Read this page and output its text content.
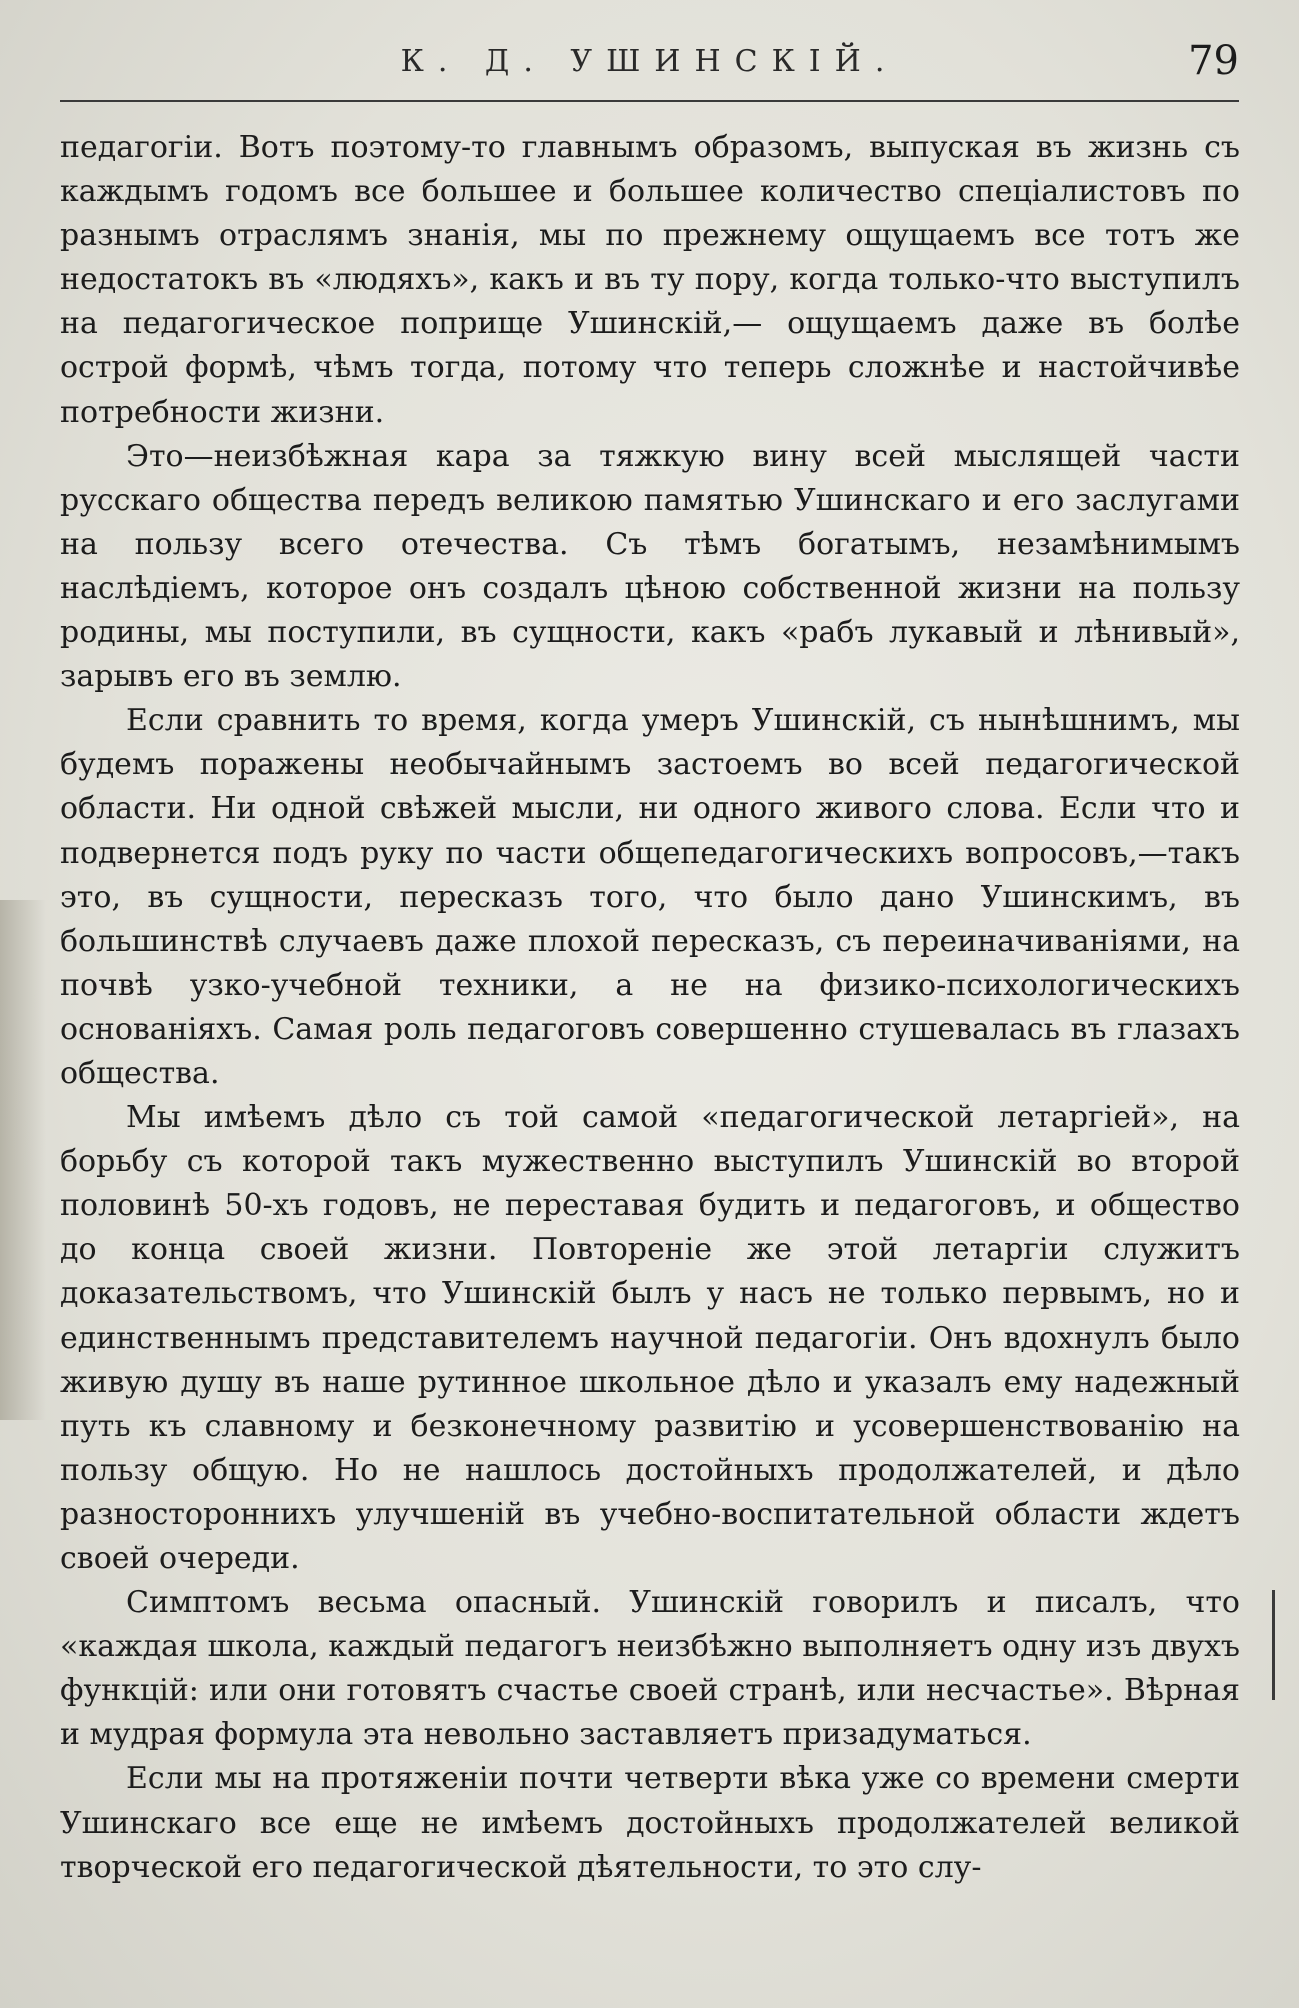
К. Д. УШИНСКІЙ.	79

педагогіи. Вотъ поэтому-то главнымъ образомъ, выпуская въ жизнь съ каждымъ годомъ все большее и большее количество спеціалистовъ по разнымъ отраслямъ знанія, мы по прежнему ощущаемъ все тотъ же недостатокъ въ «людяхъ», какъ и въ ту пору, когда только-что выступилъ на педагогическое поприще Ушинскій,— ощущаемъ даже въ болѣе острой формѣ, чѣмъ тогда, потому что теперь сложнѣе и настойчивѣе потребности жизни.

Это—неизбѣжная кара за тяжкую вину всей мыслящей части русскаго общества передъ великою памятью Ушинскаго и его заслугами на пользу всего отечества. Съ тѣмъ богатымъ, незамѣнимымъ наслѣдіемъ, которое онъ создалъ цѣною собственной жизни на пользу родины, мы поступили, въ сущности, какъ «рабъ лукавый и лѣнивый», зарывъ его въ землю.

Если сравнить то время, когда умеръ Ушинскій, съ нынѣшнимъ, мы будемъ поражены необычайнымъ застоемъ во всей педагогической области. Ни одной свѣжей мысли, ни одного живого слова. Если что и подвернется подъ руку по части общепедагогическихъ вопросовъ,—такъ это, въ сущности, пересказъ того, что было дано Ушинскимъ, въ большинствѣ случаевъ даже плохой пересказъ, съ переиначиваніями, на почвѣ узко-учебной техники, а не на физико-психологическихъ основаніяхъ. Самая роль педагоговъ совершенно стушевалась въ глазахъ общества.

Мы имѣемъ дѣло съ той самой «педагогической летаргіей», на борьбу съ которой такъ мужественно выступилъ Ушинскій во второй половинѣ 50-хъ годовъ, не переставая будить и педагоговъ, и общество до конца своей жизни. Повтореніе же этой летаргіи служитъ доказательствомъ, что Ушинскій былъ у насъ не только первымъ, но и единственнымъ представителемъ научной педагогіи. Онъ вдохнулъ было живую душу въ наше рутинное школьное дѣло и указалъ ему надежный путь къ славному и безконечному развитію и усовершенствованію на пользу общую. Но не нашлось достойныхъ продолжателей, и дѣло разностороннихъ улучшеній въ учебно-воспитательной области ждетъ своей очереди.

Симптомъ весьма опасный. Ушинскій говорилъ и писалъ, что «каждая школа, каждый педагогъ неизбѣжно выполняетъ одну изъ двухъ функцій: или они готовятъ счастье своей странѣ, или несчастье». Вѣрная и мудрая формула эта невольно заставляетъ призадуматься.

Если мы на протяженіи почти четверти вѣка уже со времени смерти Ушинскаго все еще не имѣемъ достойныхъ продолжателей великой творческой его педагогической дѣятельности, то это слу-
